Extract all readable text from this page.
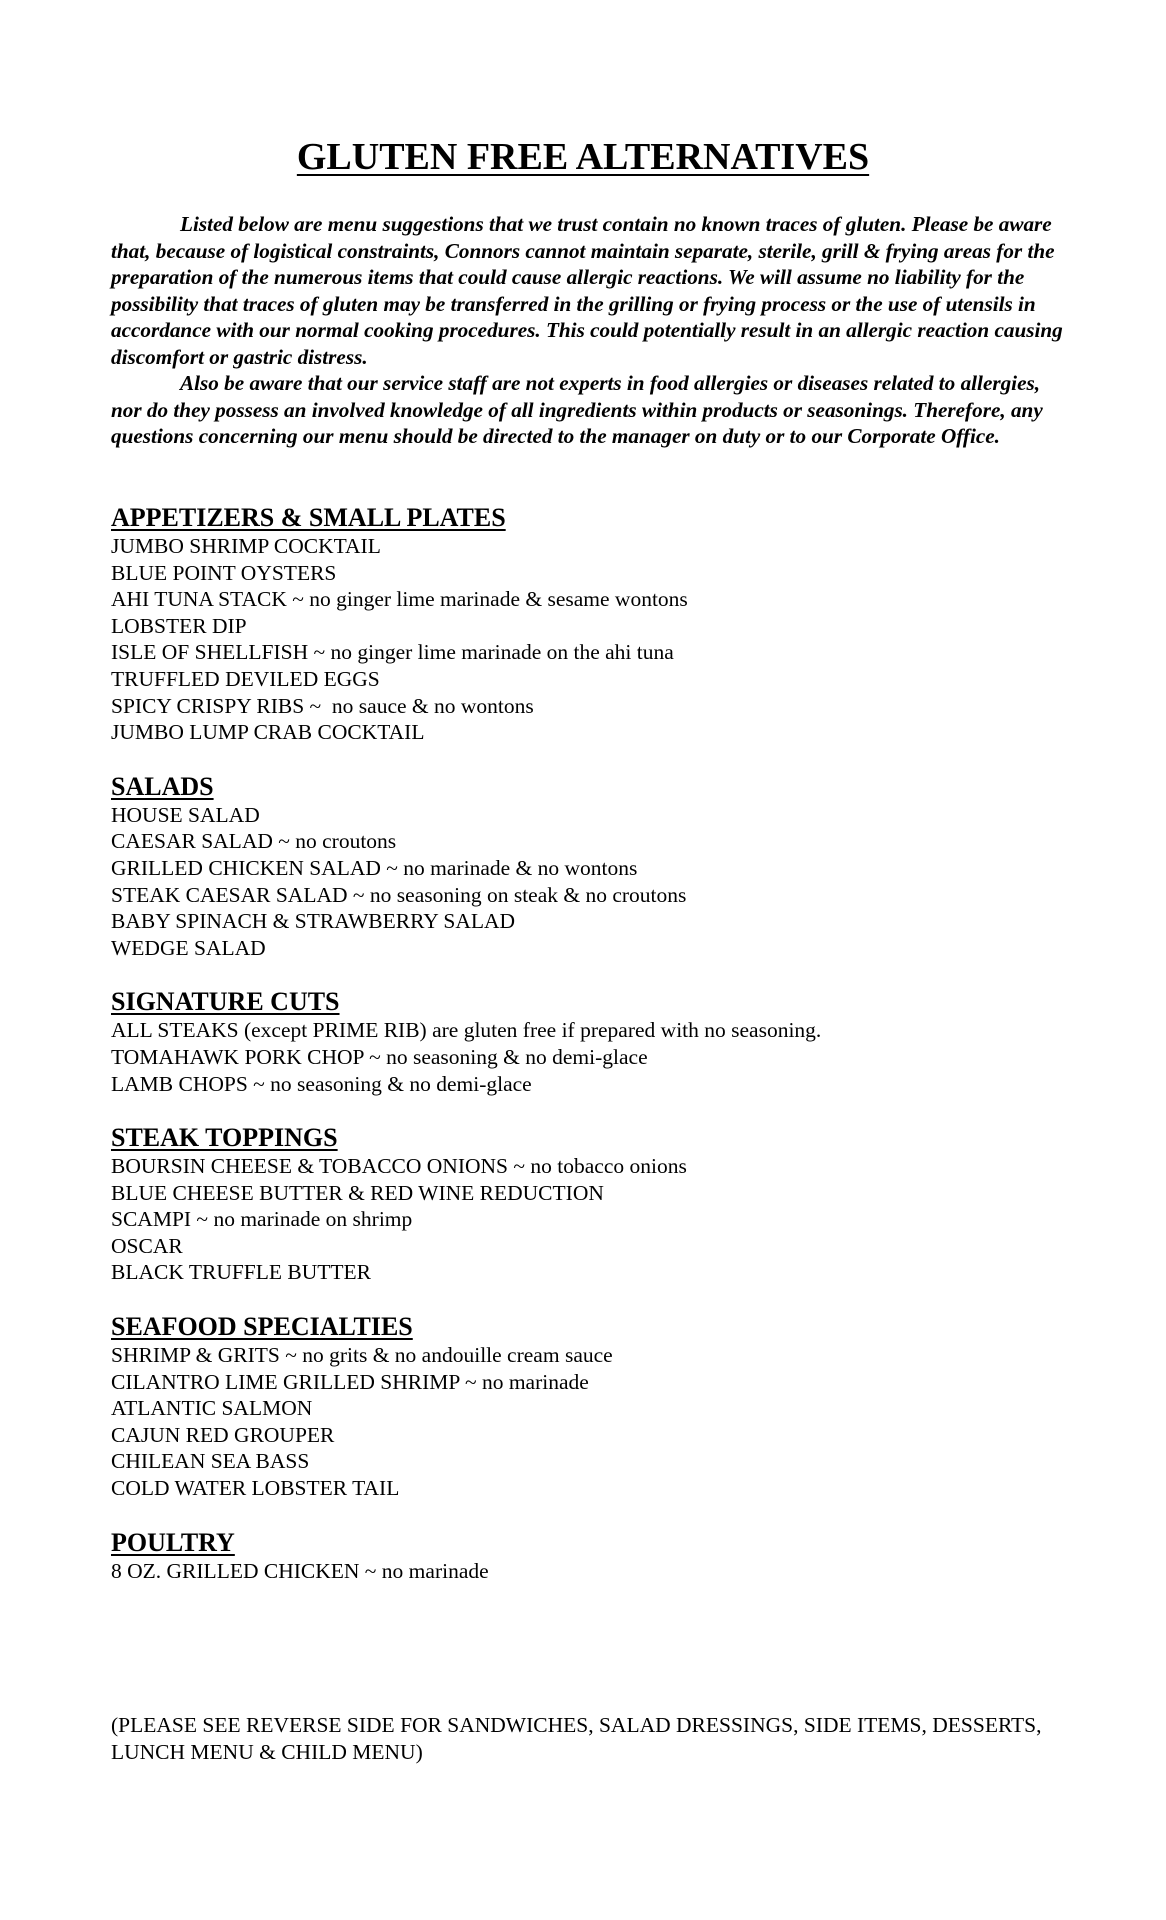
GLUTEN FREE ALTERNATIVES

Listed below are menu suggestions that we trust contain no known traces of gluten. Please be aware that, because of logistical constraints, Connors cannot maintain separate, sterile, grill & frying areas for the preparation of the numerous items that could cause allergic reactions. We will assume no liability for the possibility that traces of gluten may be transferred in the grilling or frying process or the use of utensils in accordance with our normal cooking procedures. This could potentially result in an allergic reaction causing discomfort or gastric distress.

Also be aware that our service staff are not experts in food allergies or diseases related to allergies, nor do they possess an involved knowledge of all ingredients within products or seasonings. Therefore, any questions concerning our menu should be directed to the manager on duty or to our Corporate Office.

APPETIZERS & SMALL PLATES
JUMBO SHRIMP COCKTAIL
BLUE POINT OYSTERS
AHI TUNA STACK ~ no ginger lime marinade & sesame wontons
LOBSTER DIP
ISLE OF SHELLFISH ~ no ginger lime marinade on the ahi tuna
TRUFFLED DEVILED EGGS
SPICY CRISPY RIBS ~  no sauce & no wontons
JUMBO LUMP CRAB COCKTAIL
SALADS
HOUSE SALAD
CAESAR SALAD ~ no croutons
GRILLED CHICKEN SALAD ~ no marinade & no wontons
STEAK CAESAR SALAD ~ no seasoning on steak & no croutons
BABY SPINACH & STRAWBERRY SALAD
WEDGE SALAD
SIGNATURE CUTS
ALL STEAKS (except PRIME RIB) are gluten free if prepared with no seasoning.
TOMAHAWK PORK CHOP ~ no seasoning & no demi-glace
LAMB CHOPS ~ no seasoning & no demi-glace
STEAK TOPPINGS
BOURSIN CHEESE & TOBACCO ONIONS ~ no tobacco onions
BLUE CHEESE BUTTER & RED WINE REDUCTION
SCAMPI ~ no marinade on shrimp
OSCAR
BLACK TRUFFLE BUTTER
SEAFOOD SPECIALTIES
SHRIMP & GRITS ~ no grits & no andouille cream sauce
CILANTRO LIME GRILLED SHRIMP ~ no marinade
ATLANTIC SALMON
CAJUN RED GROUPER
CHILEAN SEA BASS
COLD WATER LOBSTER TAIL
POULTRY
8 OZ. GRILLED CHICKEN ~ no marinade
(PLEASE SEE REVERSE SIDE FOR SANDWICHES, SALAD DRESSINGS, SIDE ITEMS, DESSERTS, LUNCH MENU & CHILD MENU)
